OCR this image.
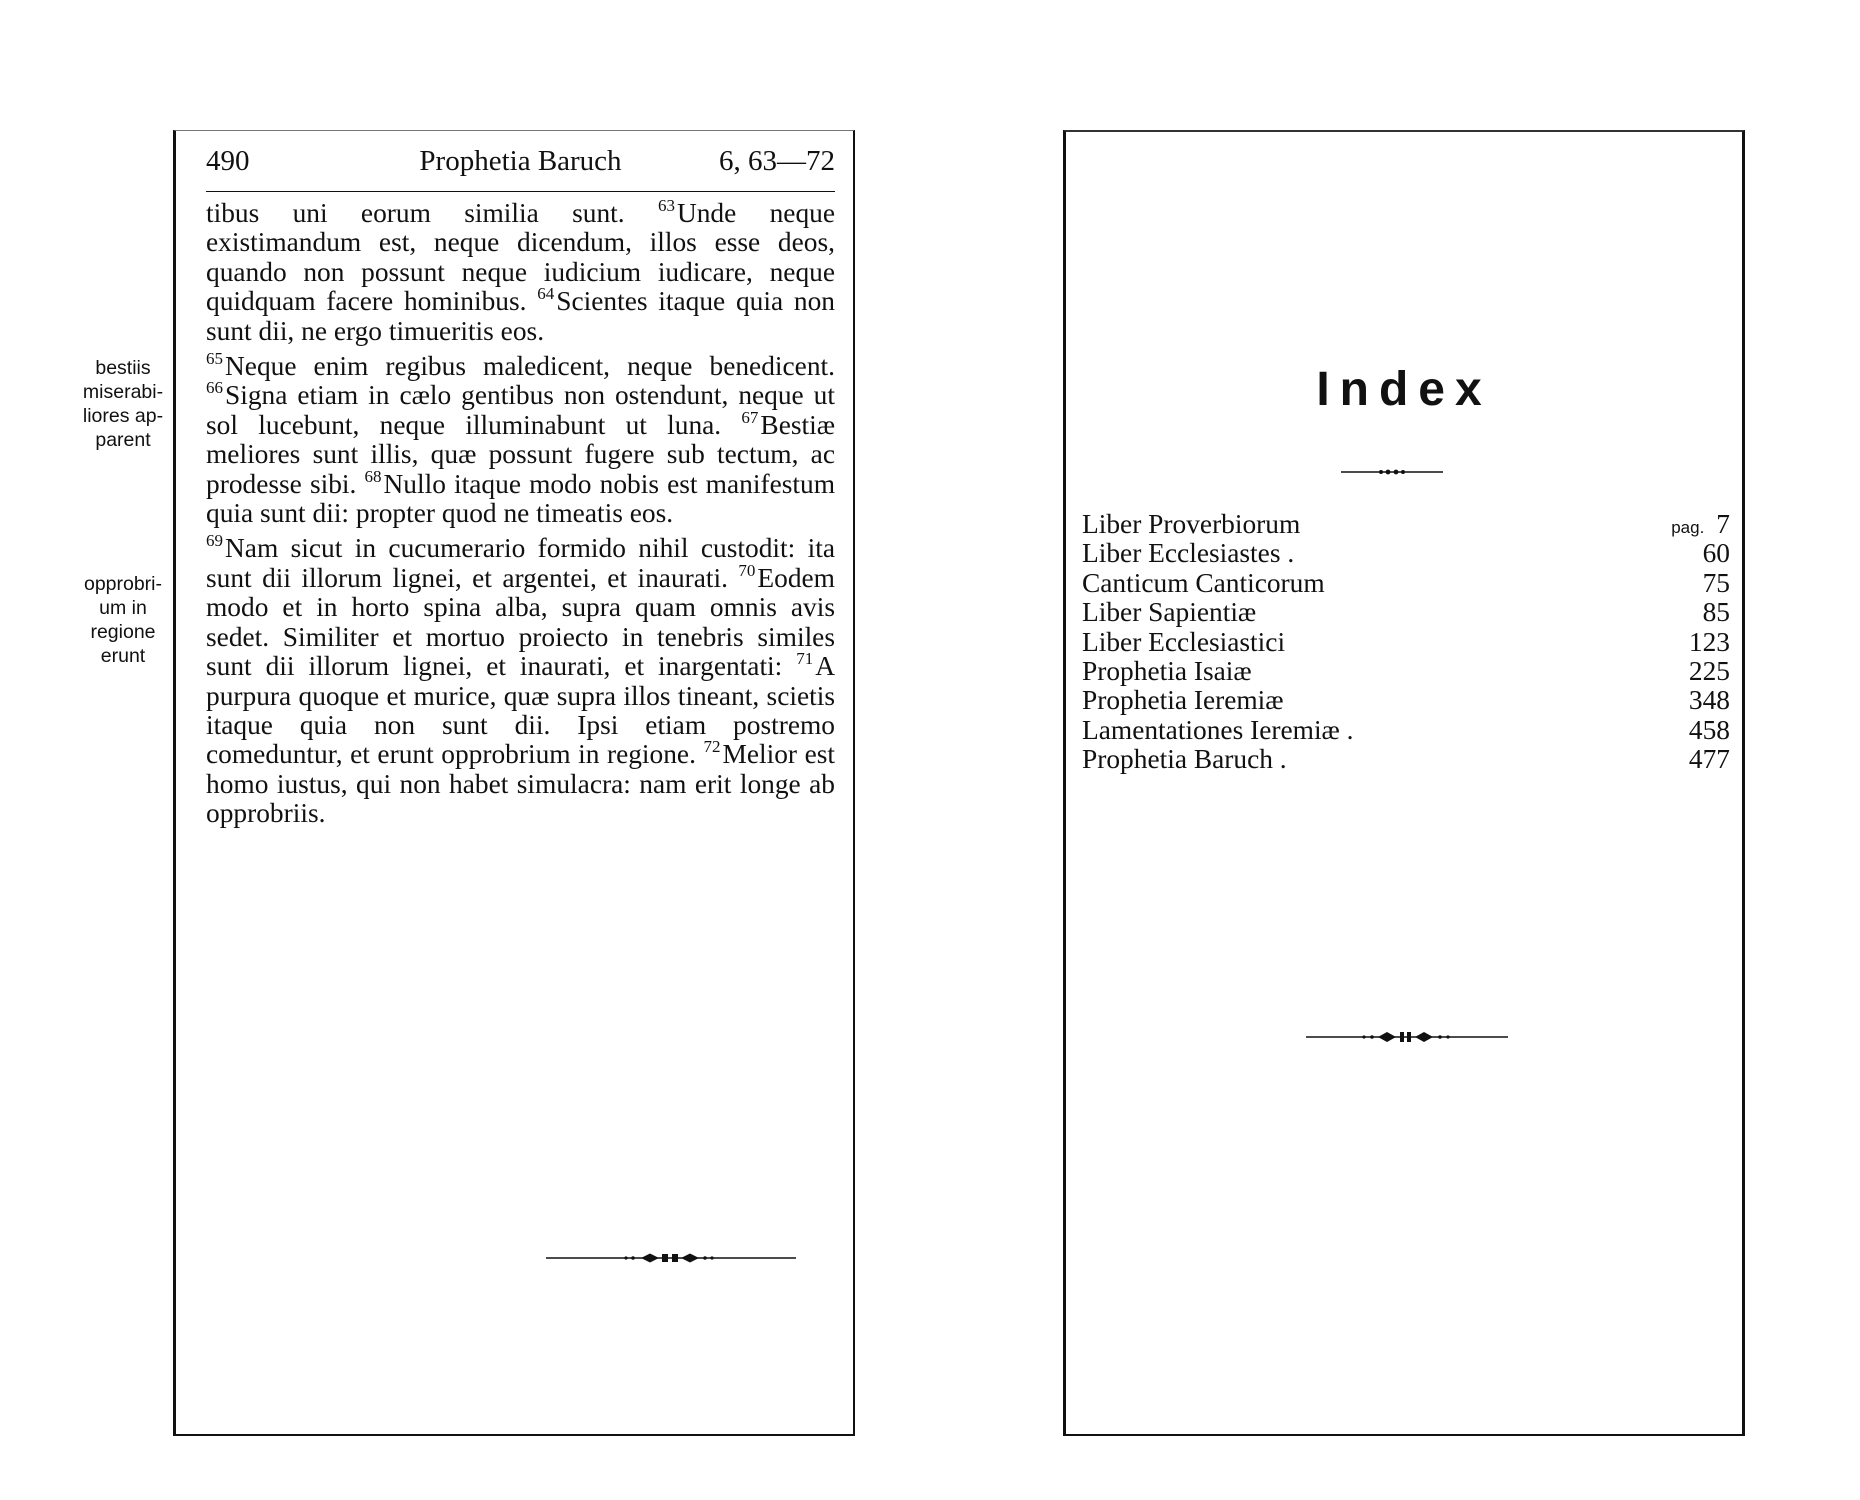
bestiis
miserabi-
liores ap-
parent
opprobri-
um in
regione
erunt
490	Prophetia Baruch	6, 63—72

tibus uni eorum similia sunt. $^{63}$Unde neque existimandum est, neque dicendum, illos esse deos, quando non possunt neque iudicium iudicare, neque quidquam facere hominibus. $^{64}$Scientes itaque quia non sunt dii, ne ergo timueritis eos.

$^{65}$Neque enim regibus maledicent, neque benedicent. $^{66}$Signa etiam in cælo gentibus non ostendunt, neque ut sol lucebunt, neque illuminabunt ut luna. $^{67}$Bestiæ meliores sunt illis, quæ possunt fugere sub tectum, ac prodesse sibi. $^{68}$Nullo itaque modo nobis est manifestum quia sunt dii: propter quod ne timeatis eos.

$^{69}$Nam sicut in cucumerario formido nihil custodit: ita sunt dii illorum lignei, et argentei, et inaurati. $^{70}$Eodem modo et in horto spina alba, supra quam omnis avis sedet. Similiter et mortuo proiecto in tenebris similes sunt dii illorum lignei, et inaurati, et inargentati: $^{71}$A purpura quoque et murice, quæ supra illos tineant, scietis itaque quia non sunt dii. Ipsi etiam postremo comeduntur, et erunt opprobrium in regione. $^{72}$Melior est homo iustus, qui non habet simulacra: nam erit longe ab opprobriis.

Index
Liber Proverbiorum	pag. 7
Liber Ecclesiastes .	60
Canticum Canticorum	75
Liber Sapientiæ	85
Liber Ecclesiastici	123
Prophetia Isaiæ	225
Prophetia Ieremiæ	348
Lamentationes Ieremiæ .	458
Prophetia Baruch .	477
